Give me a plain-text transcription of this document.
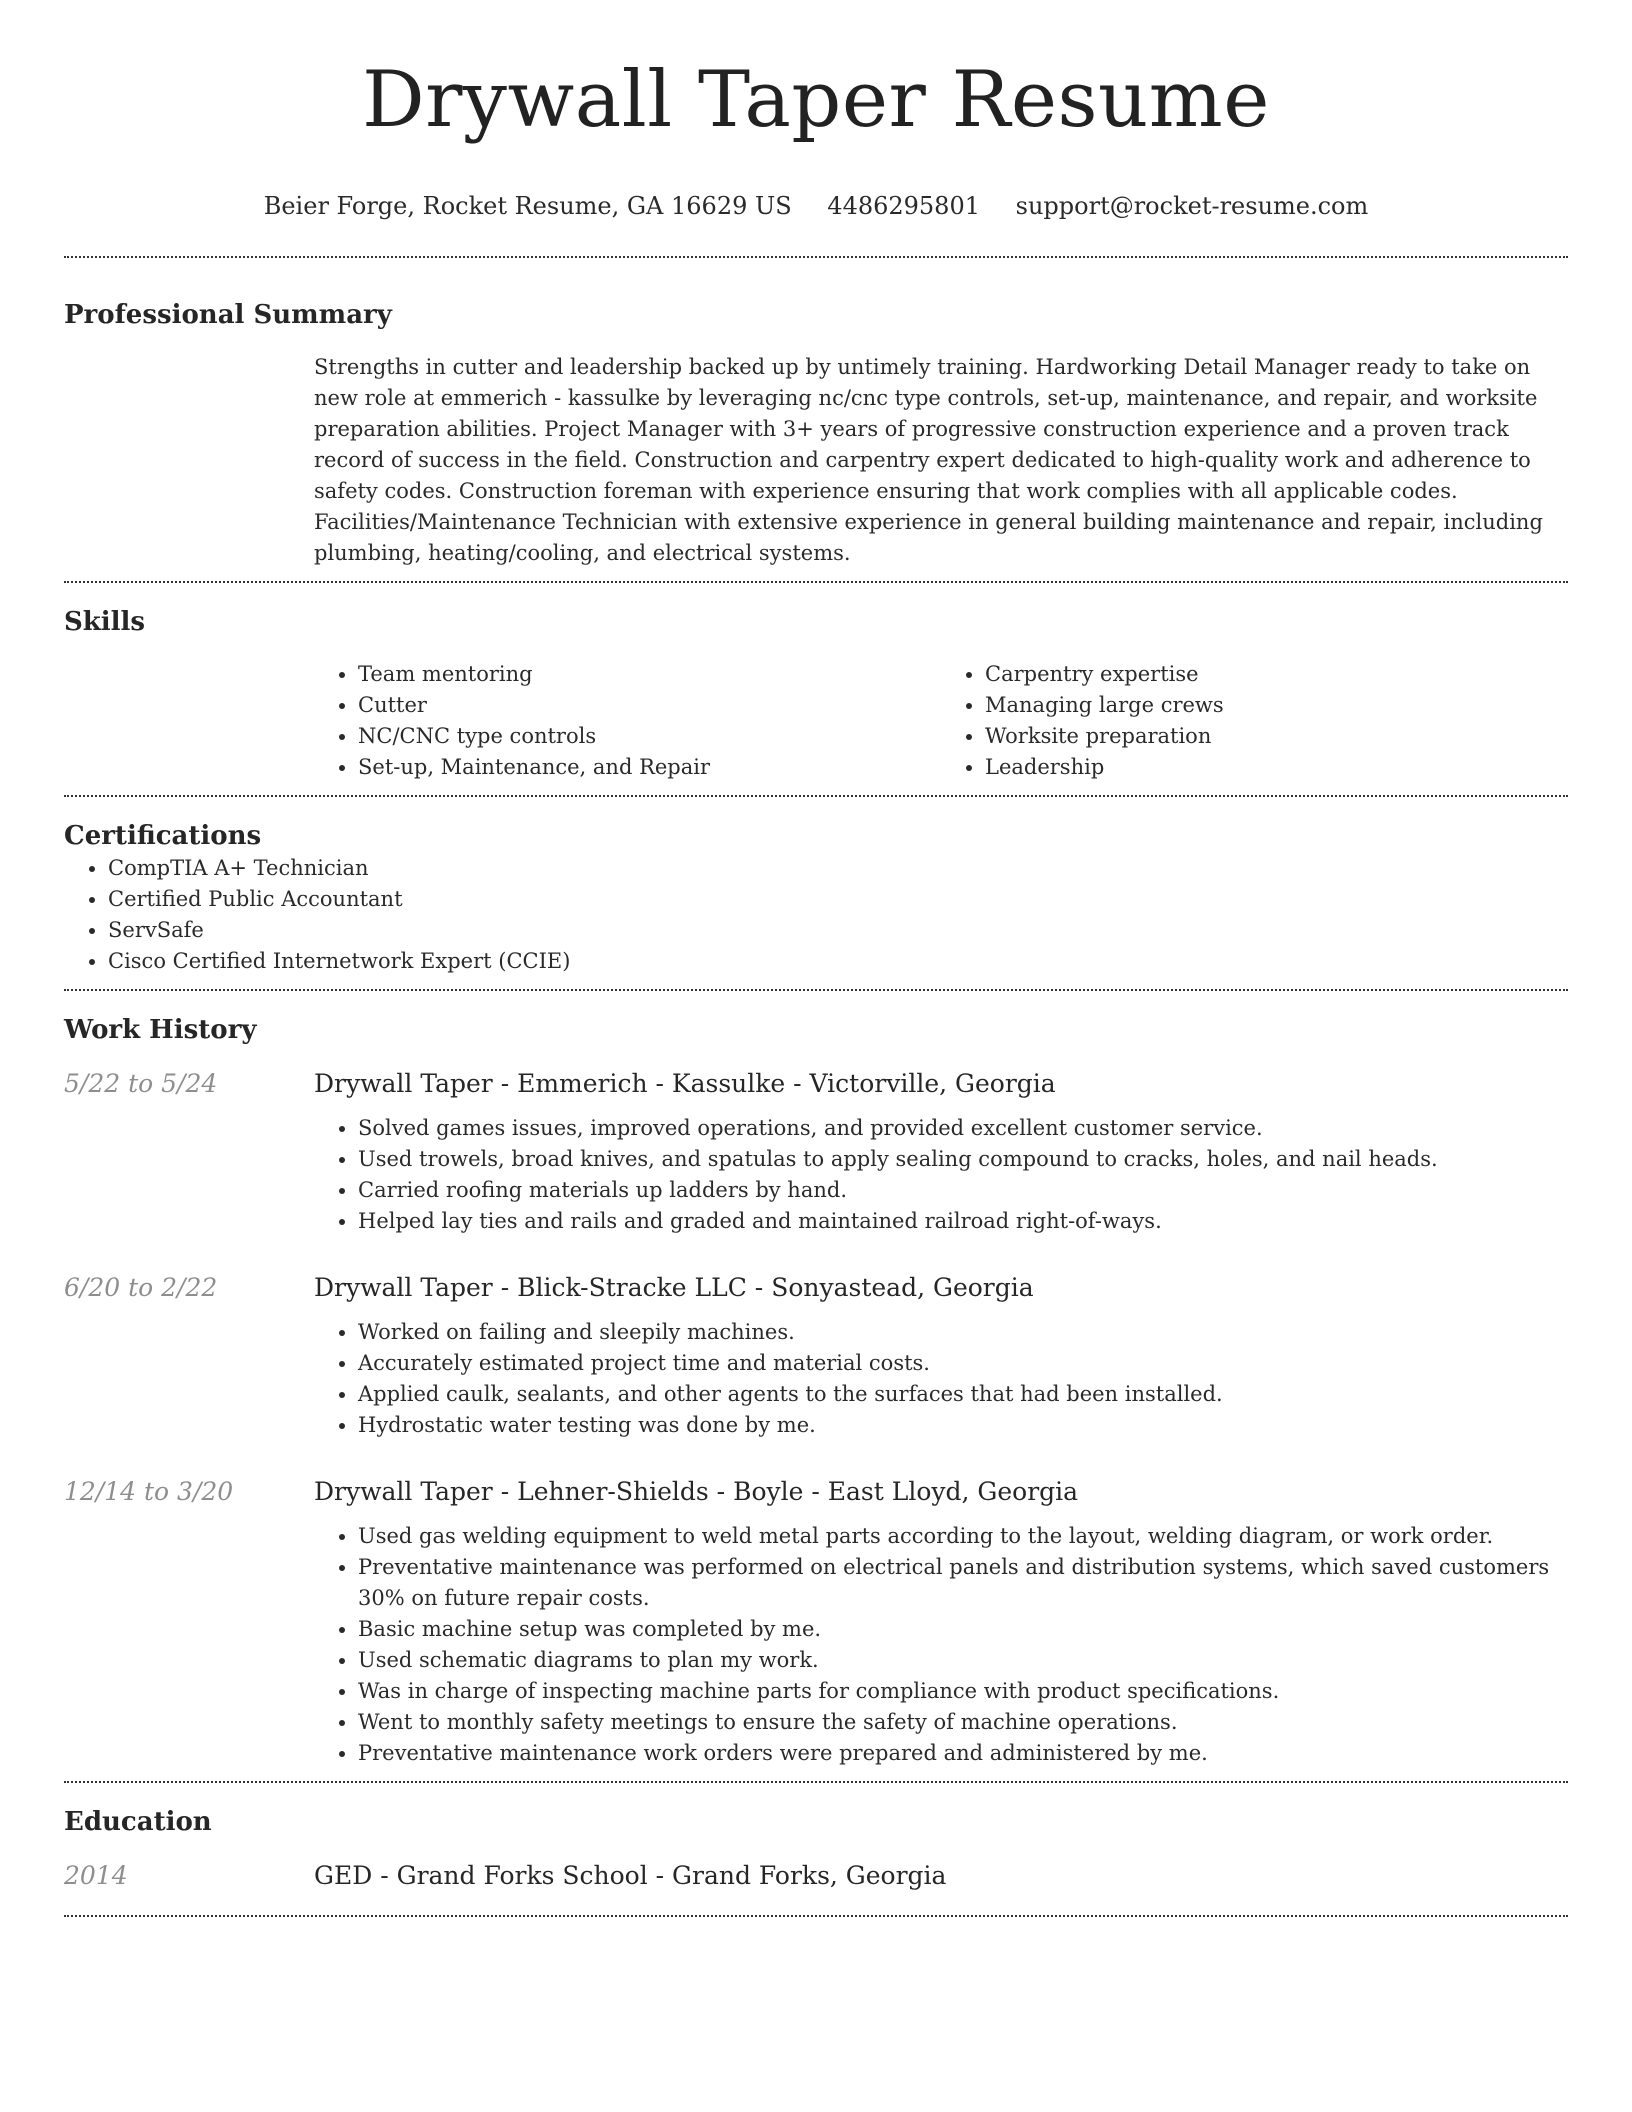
Drywall Taper Resume
Beier Forge, Rocket Resume, GA 16629 US 4486295801 support@rocket-resume.com
Professional Summary
Strengths in cutter and leadership backed up by untimely training. Hardworking Detail Manager ready to take on new role at emmerich - kassulke by leveraging nc/cnc type controls, set-up, maintenance, and repair, and worksite preparation abilities. Project Manager with 3+ years of progressive construction experience and a proven track record of success in the field. Construction and carpentry expert dedicated to high-quality work and adherence to safety codes. Construction foreman with experience ensuring that work complies with all applicable codes. Facilities/Maintenance Technician with extensive experience in general building maintenance and repair, including plumbing, heating/cooling, and electrical systems.
Skills
• Team mentoring
• Cutter
• NC/CNC type controls
• Set-up, Maintenance, and Repair
• Carpentry expertise
• Managing large crews
• Worksite preparation
• Leadership
Certifications
• CompTIA A+ Technician
• Certified Public Accountant
• ServSafe
• Cisco Certified Internetwork Expert (CCIE)
Work History
5/22 to 5/24	Drywall Taper - Emmerich - Kassulke - Victorville, Georgia
• Solved games issues, improved operations, and provided excellent customer service.
• Used trowels, broad knives, and spatulas to apply sealing compound to cracks, holes, and nail heads.
• Carried roofing materials up ladders by hand.
• Helped lay ties and rails and graded and maintained railroad right-of-ways.
6/20 to 2/22	Drywall Taper - Blick-Stracke LLC - Sonyastead, Georgia
• Worked on failing and sleepily machines.
• Accurately estimated project time and material costs.
• Applied caulk, sealants, and other agents to the surfaces that had been installed.
• Hydrostatic water testing was done by me.
12/14 to 3/20	Drywall Taper - Lehner-Shields - Boyle - East Lloyd, Georgia
• Used gas welding equipment to weld metal parts according to the layout, welding diagram, or work order.
• Preventative maintenance was performed on electrical panels and distribution systems, which saved customers 30% on future repair costs.
• Basic machine setup was completed by me.
• Used schematic diagrams to plan my work.
• Was in charge of inspecting machine parts for compliance with product specifications.
• Went to monthly safety meetings to ensure the safety of machine operations.
• Preventative maintenance work orders were prepared and administered by me.
Education
2014	GED - Grand Forks School - Grand Forks, Georgia
